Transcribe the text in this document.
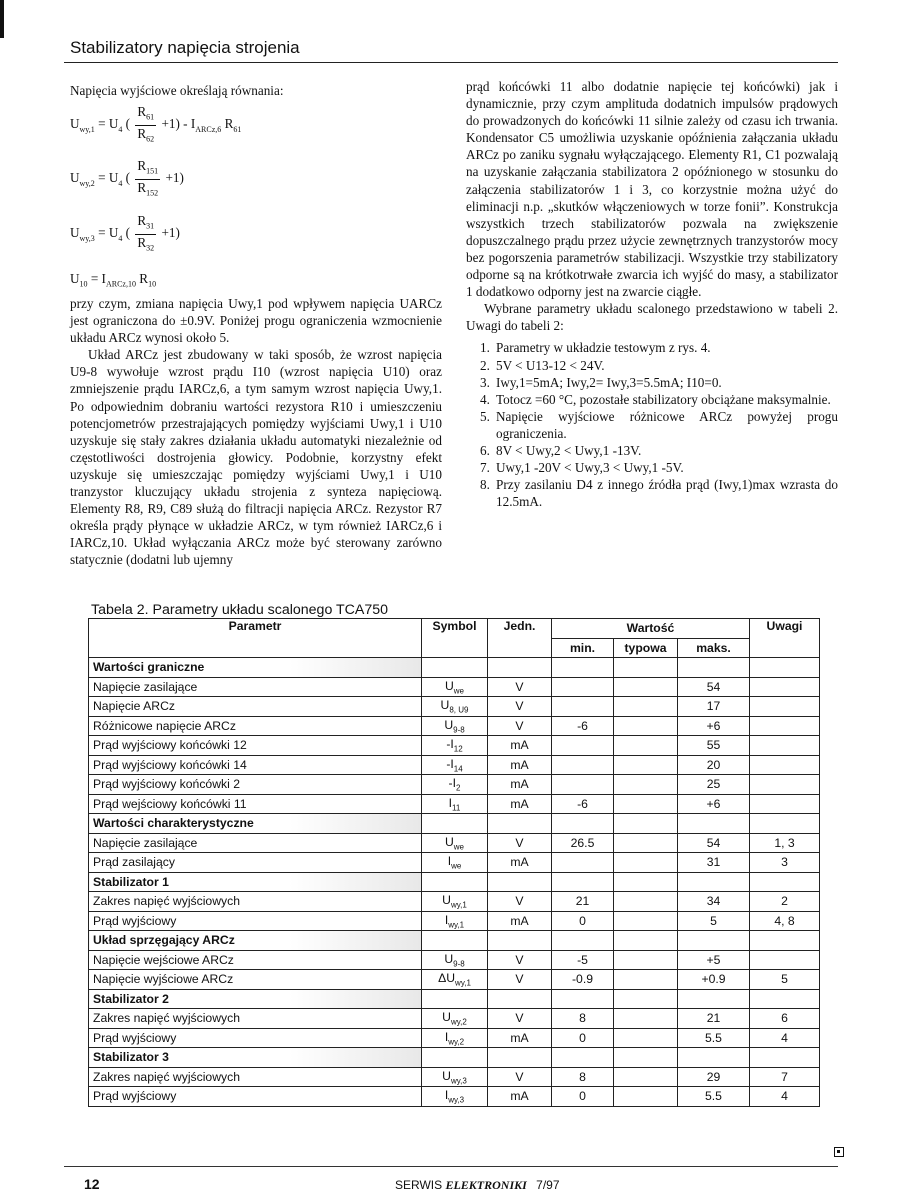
Stabilizatory napięcia strojenia

Napięcia wyjściowe określają równania:

$U_{wy,1} = U_4$ ( $\frac{R_{61}}{R_{62}} +1) - I_{ARCz,6}$ $R_{61}$
$U_{wy,2} = U_4$ ( $\frac{R_{151}}{R_{152}} +1$)
$U_{wy,3} = U_4$ ( $\frac{R_{31}}{R_{32}} +1$)
$U_{10} = I_{ARCz,10}$ $R_{10}$

przy czym, zmiana napięcia Uwy,1 pod wpływem napięcia UARCz jest ograniczona do ±0.9V. Poniżej progu ograniczenia wzmocnienie układu ARCz wynosi około 5.

Układ ARCz jest zbudowany w taki sposób, że wzrost napięcia U9-8 wywołuje wzrost prądu I10 (wzrost napięcia U10) oraz zmniejszenie prądu IARCz,6, a tym samym wzrost napięcia Uwy,1. Po odpowiednim dobraniu wartości rezystora R10 i umieszczeniu potencjometrów przestrajających pomiędzy wyjściami Uwy,1 i U10 uzyskuje się stały zakres działania układu automatyki niezależnie od częstotliwości dostrojenia głowicy. Podobnie, korzystny efekt uzyskuje się umieszczając pomiędzy wyjściami Uwy,1 i U10 tranzystor kluczujący układu strojenia z synteza napięciową. Elementy R8, R9, C89 służą do filtracji napięcia ARCz. Rezystor R7 określa prądy płynące w układzie ARCz, w tym również IARCz,6 i IARCz,10. Układ wyłączania ARCz może być sterowany zarówno statycznie (dodatni lub ujemny

prąd końcówki 11 albo dodatnie napięcie tej końcówki) jak i dynamicznie, przy czym amplituda dodatnich impulsów prądowych do prowadzonych do końcówki 11 silnie zależy od czasu ich trwania. Kondensator C5 umożliwia uzyskanie opóźnienia załączania układu ARCz po zaniku sygnału wyłączającego. Elementy R1, C1 pozwalają na uzyskanie załączania stabilizatora 2 opóźnionego w stosunku do załączenia stabilizatorów 1 i 3, co korzystnie można użyć do eliminacji n.p. „skutków włączeniowych w torze fonii”. Konstrukcja wszystkich trzech stabilizatorów pozwala na zwiększenie dopuszczalnego prądu przez użycie zewnętrznych tranzystorów mocy bez pogorszenia parametrów stabilizacji. Wszystkie trzy stabilizatory odporne są na krótkotrwałe zwarcia ich wyjść do masy, a stabilizator 1 dodatkowo odporny jest na zwarcie ciągłe.

Wybrane parametry układu scalonego przedstawiono w tabeli 2. Uwagi do tabeli 2:

1. Parametry w układzie testowym z rys. 4.
2. 5V < U13-12 < 24V.
3. Iwy,1=5mA; Iwy,2= Iwy,3=5.5mA; I10=0.
4. Totocz =60 °C, pozostałe stabilizatory obciążane maksymalnie.
5. Napięcie wyjściowe różnicowe ARCz powyżej progu ograniczenia.
6. 8V < Uwy,2 < Uwy,1 -13V.
7. Uwy,1 -20V < Uwy,3 < Uwy,1 -5V.
8. Przy zasilaniu D4 z innego źródła prąd (Iwy,1)max wzrasta do 12.5mA.
Tabela 2. Parametry układu scalonego TCA750
Parametr	Symbol	Jedn.	Wartość			Uwagi
			min.	typowa	maks.	
Wartości graniczne						
Napięcie zasilające	$U_{we}$	V			54	
Napięcie ARCz	$U_{8, U9}$	V			17	
Różnicowe napięcie ARCz	$U_{9-8}$	V	-6		+6	
Prąd wyjściowy końcówki 12	$-I_{12}$	mA			55	
Prąd wyjściowy końcówki 14	$-I_{14}$	mA			20	
Prąd wyjściowy końcówki 2	$-I_2$	mA			25	
Prąd wejściowy końcówki 11	$I_{11}$	mA	-6		+6	
Wartości charakterystyczne						
Napięcie zasilające	$U_{we}$	V	26.5		54	1, 3
Prąd zasilający	$I_{we}$	mA			31	3
Stabilizator 1						
Zakres napięć wyjściowych	$U_{wy,1}$	V	21		34	2
Prąd wyjściowy	$I_{wy,1}$	mA	0		5	4, 8
Układ sprzęgający ARCz						
Napięcie wejściowe ARCz	$U_{9-8}$	V	-5		+5	
Napięcie wyjściowe ARCz	$\Delta U_{wy,1}$	V	-0.9		+0.9	5
Stabilizator 2						
Zakres napięć wyjściowych	$U_{wy,2}$	V	8		21	6
Prąd wyjściowy	$I_{wy,2}$	mA	0		5.5	4
Stabilizator 3						
Zakres napięć wyjściowych	$U_{wy,3}$	V	8		29	7
Prąd wyjściowy	$I_{wy,3}$	mA	0		5.5	4
12	SERWIS ELEKTRONIKI 7/97
